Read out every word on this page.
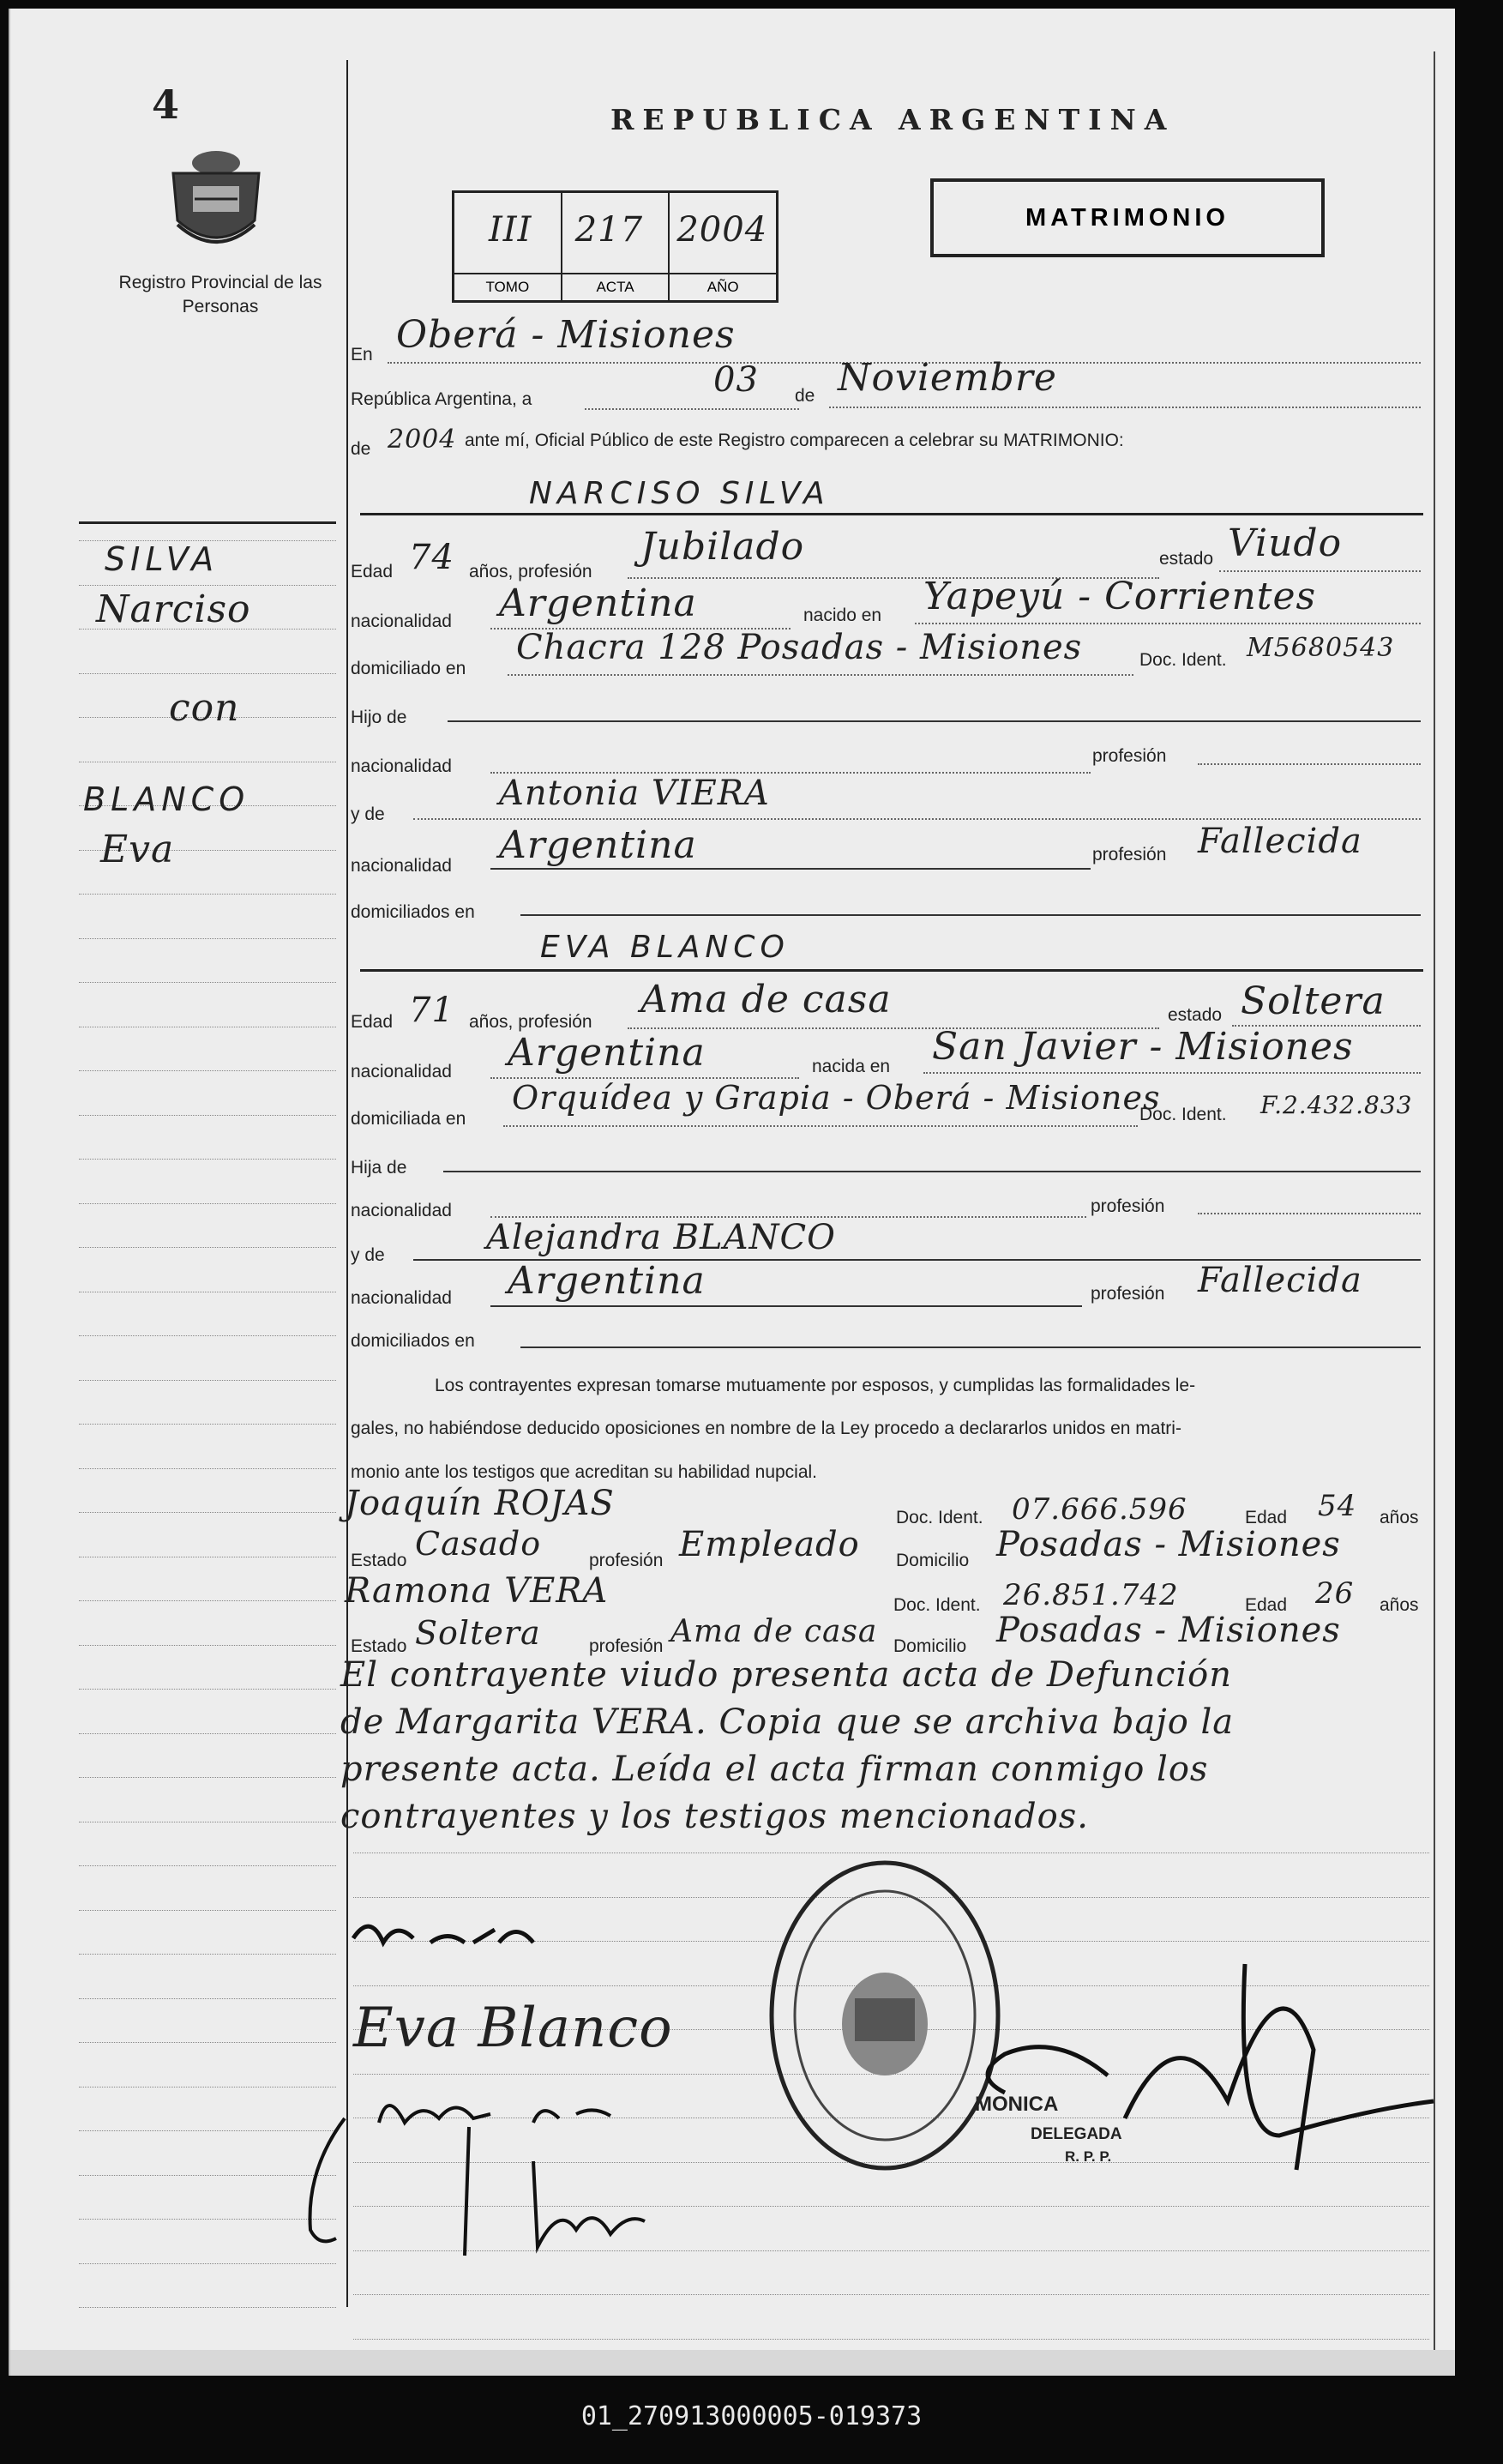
4
Registro Provincial de las Personas
REPUBLICA ARGENTINA
III
TOMO
217
ACTA
2004
AÑO
MATRIMONIO
SILVA
Narciso
con
BLANCO
Eva
En Oberá - Misiones
República Argentina, a	03 de Noviembre
de 2004 ante mí, Oficial Público de este Registro comparecen a celebrar su MATRIMONIO:
NARCISO SILVA
Edad 74 años, profesión
Jubilado	estado Viudo
nacionalidad Argentina	nacido en Yapeyú - Corrientes
domiciliado en
Chacra 128 Posadas - Misiones	Doc. Ident. M5680543
Hijo de
nacionalidad
profesión
y de
Antonia VIERA
nacionalidad Argentina	profesión Fallecida
domiciliados en
EVA BLANCO
Edad 71 años, profesión
Ama de casa	estado Soltera
nacionalidad Argentina	nacida en San Javier - Misiones
domiciliada en
Orquídea y Grapia - Oberá - Misiones
Doc. Ident. F.2.432.833
Hija de
nacionalidad	profesión
y de	Alejandra BLANCO
nacionalidad Argentina	profesión Fallecida
domiciliados en
Los contrayentes expresan tomarse mutuamente por esposos, y cumplidas las formalidades le-
gales, no habiéndose deducido oposiciones en nombre de la Ley procedo a declararlos unidos en matri-
monio ante los testigos que acreditan su habilidad nupcial.
Joaquín ROJAS	Doc. Ident. 07.666.596	Edad 54 años
Estado Casado	profesión Empleado Domicilio Posadas - Misiones
Ramona VERA	Doc. Ident. 26.851.742	Edad 26 años
Estado Soltera	profesión Ama de casa Domicilio Posadas - Misiones
El contrayente viudo presenta acta de Defunción
de Margarita VERA. Copia que se archiva bajo la
presente acta. Leída el acta firman conmigo los
contrayentes y los testigos mencionados.
Eva Blanco
MONICA
DELEGADA
R. P. P.
01_270913000005-019373
